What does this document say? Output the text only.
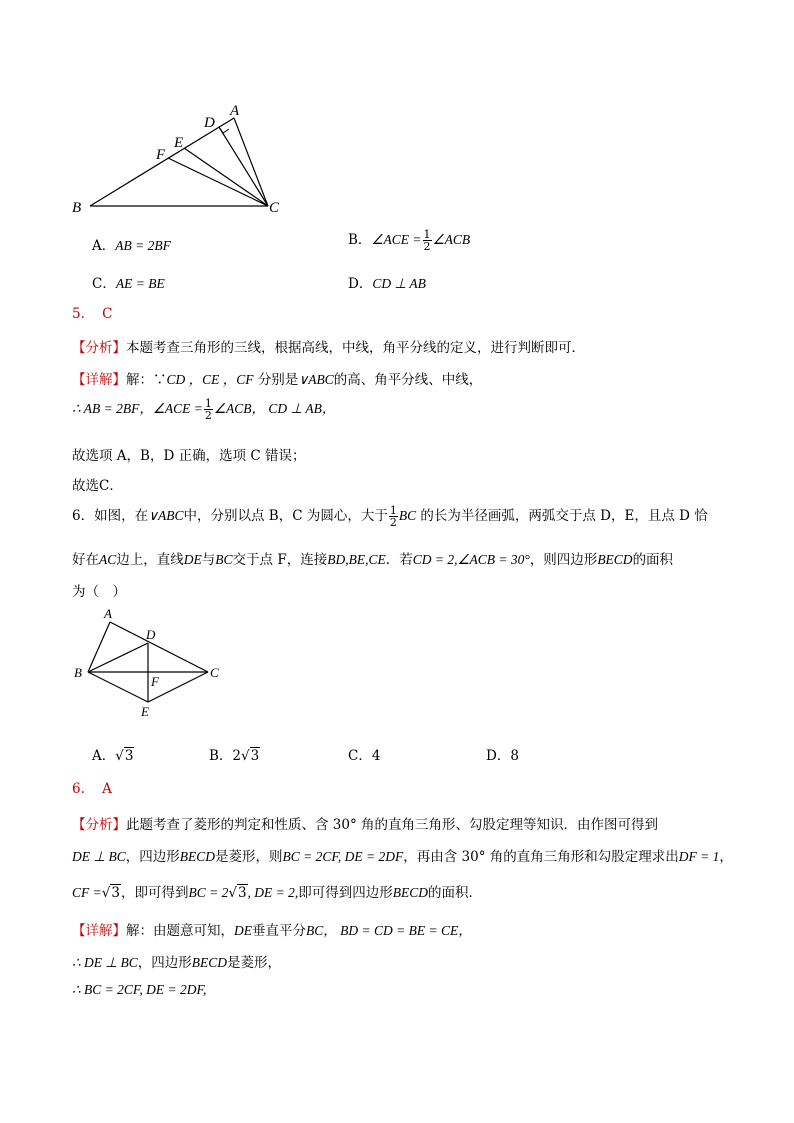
A
D
E
F
B	C
A．AB = 2BF	B．∠ACE = $\frac{1}{2}$ ∠ACB
C．AE = BE	D．CD ⊥ AB
5. C
【分析】本题考查三角形的三线，根据高线，中线，角平分线的定义，进行判断即可．
【详解】解：∵CD ，CE ，CF 分别是∨ABC的高、角平分线、中线，
∴ AB = 2BF，∠ACE = $\frac{1}{2}$ ∠ACB， CD ⊥ AB，
故选项 A，B，D 正确，选项 C 错误；
故选C．
6．如图，在∨ABC中，分别以点 B，C 为圆心，大于 $\frac{1}{2}$ BC 的长为半径画弧，两弧交于点 D，E，且点 D 恰
好在AC边上，直线DE与BC交于点 F，连接BD,BE,CE．若CD = 2,∠ACB = 30°，则四边形BECD的面积
为（　）
A
D
B	C
F
E
A．√3	B．2√3	C．4	D．8
6. A
【分析】此题考查了菱形的判定和性质、含 30° 角的直角三角形、勾股定理等知识．由作图可得到
DE ⊥ BC，四边形BECD是菱形，则BC = 2CF, DE = 2DF，再由含 30° 角的直角三角形和勾股定理求出DF = 1，
CF =√3，即可得到BC = 2√3, DE = 2,即可得到四边形BECD的面积．
【详解】解：由题意可知，DE垂直平分BC， BD = CD = BE = CE，
∴ DE ⊥ BC，四边形BECD是菱形，
∴ BC = 2CF, DE = 2DF,
